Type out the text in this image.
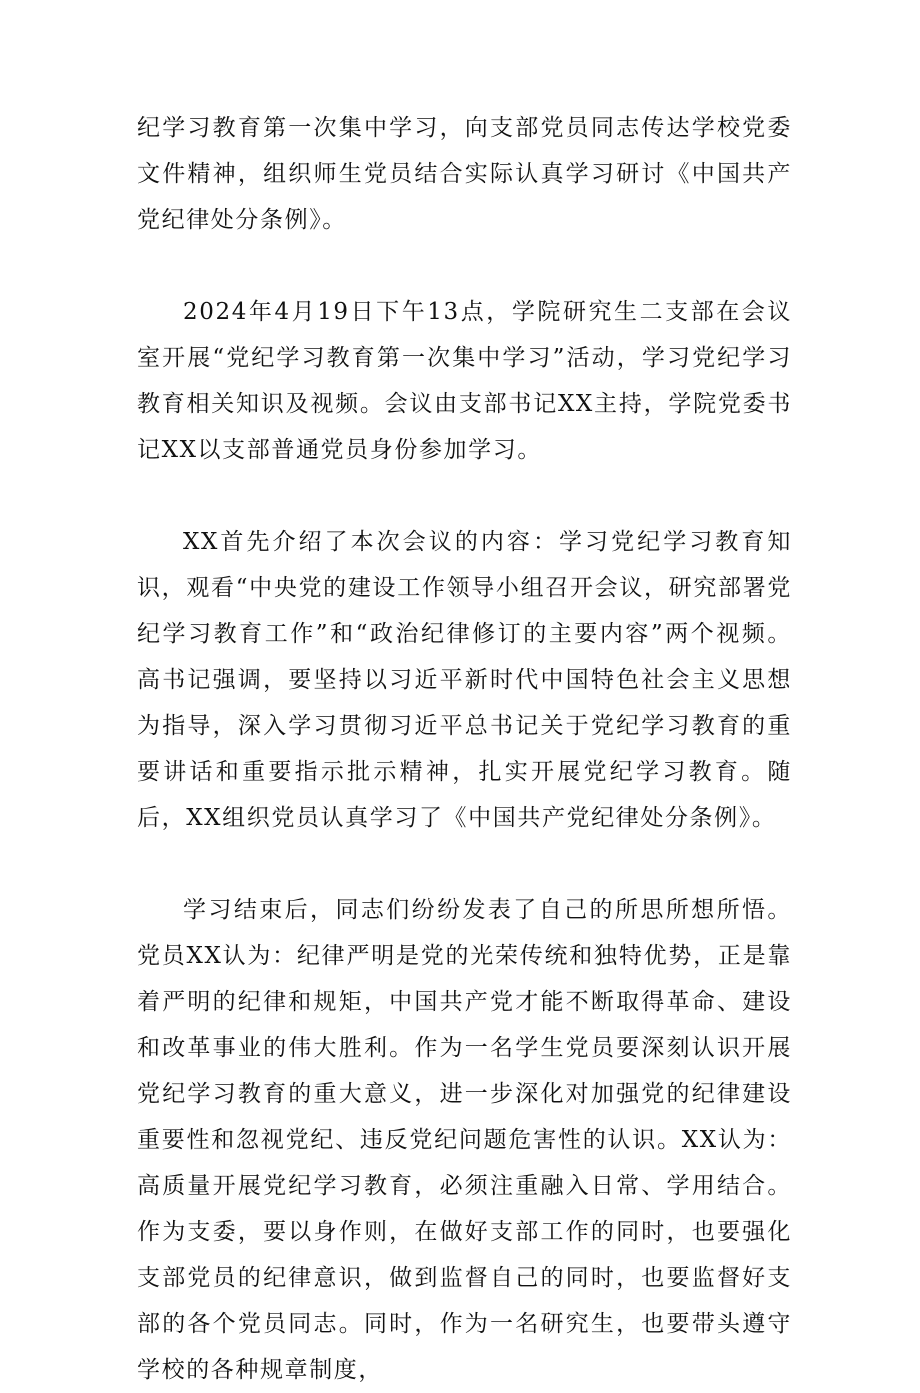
纪学习教育第一次集中学习，向支部党员同志传达学校党委文件精神，组织师生党员结合实际认真学习研讨《中国共产党纪律处分条例》。

2024年4月19日下午13点，学院研究生二支部在会议室开展“党纪学习教育第一次集中学习”活动，学习党纪学习教育相关知识及视频。会议由支部书记XX主持，学院党委书记XX以支部普通党员身份参加学习。

XX首先介绍了本次会议的内容：学习党纪学习教育知识，观看“中央党的建设工作领导小组召开会议，研究部署党纪学习教育工作”和“政治纪律修订的主要内容”两个视频。高书记强调，要坚持以习近平新时代中国特色社会主义思想为指导，深入学习贯彻习近平总书记关于党纪学习教育的重要讲话和重要指示批示精神，扎实开展党纪学习教育。随后，XX组织党员认真学习了《中国共产党纪律处分条例》。

学习结束后，同志们纷纷发表了自己的所思所想所悟。党员XX认为：纪律严明是党的光荣传统和独特优势，正是靠着严明的纪律和规矩，中国共产党才能不断取得革命、建设和改革事业的伟大胜利。作为一名学生党员要深刻认识开展党纪学习教育的重大意义，进一步深化对加强党的纪律建设重要性和忽视党纪、违反党纪问题危害性的认识。XX认为：高质量开展党纪学习教育，必须注重融入日常、学用结合。作为支委，要以身作则，在做好支部工作的同时，也要强化支部党员的纪律意识，做到监督自己的同时，也要监督好支部的各个党员同志。同时，作为一名研究生，也要带头遵守学校的各种规章制度，
